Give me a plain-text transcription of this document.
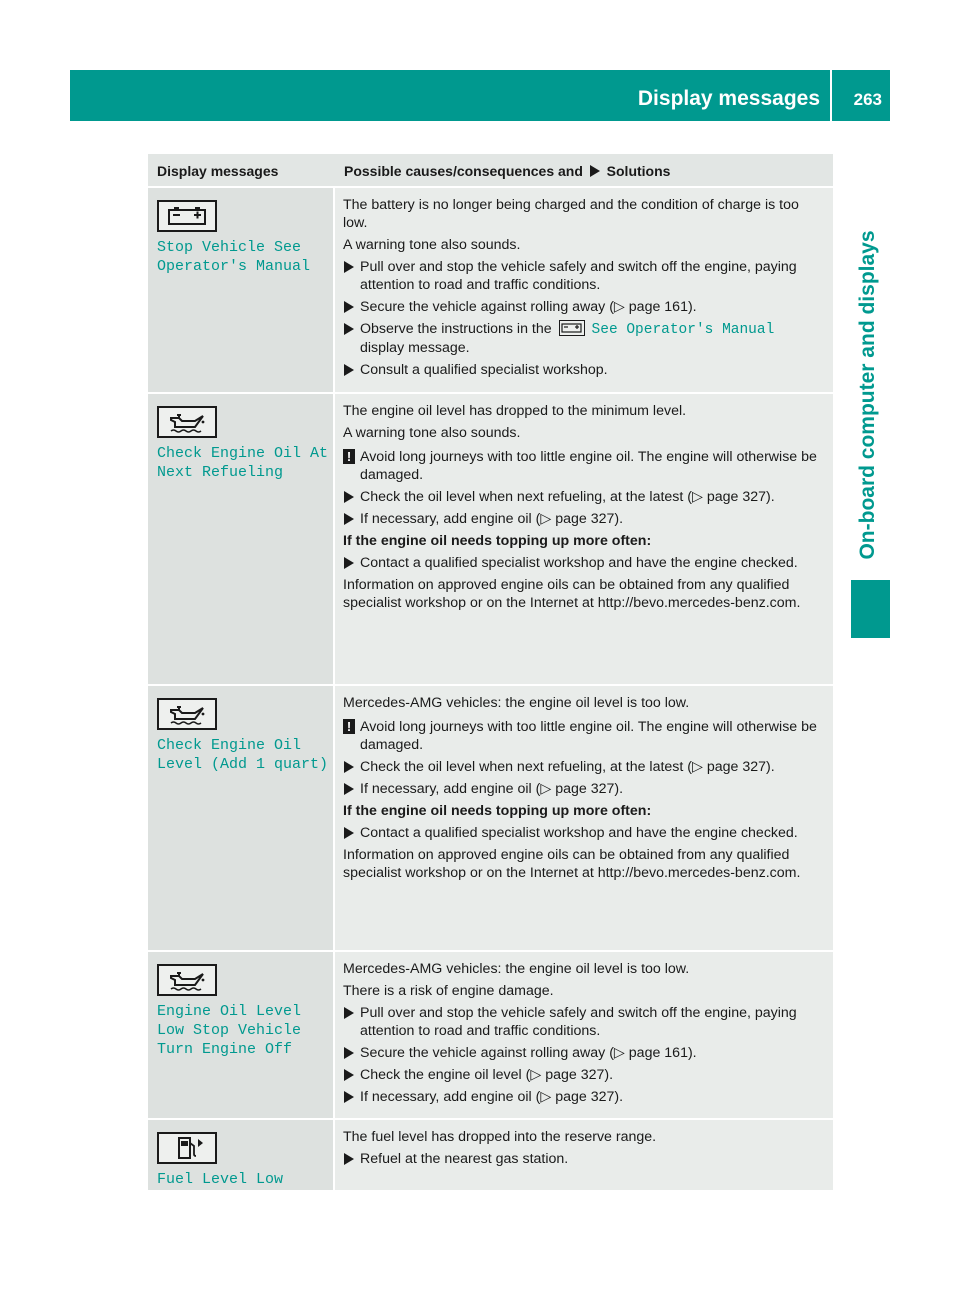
Display messages 263
On-board computer and displays
Display messages	Possible causes/consequences and Solutions
Stop Vehicle See
Operator's Manual
The battery is no longer being charged and the condition of charge is too low.
A warning tone also sounds.
Pull over and stop the vehicle safely and switch off the engine, paying attention to road and traffic conditions.
Secure the vehicle against rolling away (▷ page 161).
Observe the instructions in the	See Operator's Manual
display message.
Consult a qualified specialist workshop.
Check Engine Oil At
Next Refueling
The engine oil level has dropped to the minimum level.
A warning tone also sounds.
! Avoid long journeys with too little engine oil. The engine will otherwise be damaged.
Check the oil level when next refueling, at the latest (▷ page 327).
If necessary, add engine oil (▷ page 327).
If the engine oil needs topping up more often:
Contact a qualified specialist workshop and have the engine checked.
Information on approved engine oils can be obtained from any qualified specialist workshop or on the Internet at http://bevo.mercedes-benz.com.
Check Engine Oil
Level (Add 1 quart)
Mercedes-AMG vehicles: the engine oil level is too low.
! Avoid long journeys with too little engine oil. The engine will otherwise be damaged.
Check the oil level when next refueling, at the latest (▷ page 327).
If necessary, add engine oil (▷ page 327).
If the engine oil needs topping up more often:
Contact a qualified specialist workshop and have the engine checked.
Information on approved engine oils can be obtained from any qualified specialist workshop or on the Internet at http://bevo.mercedes-benz.com.
Engine Oil Level
Low Stop Vehicle
Turn Engine Off
Mercedes-AMG vehicles: the engine oil level is too low.
There is a risk of engine damage.
Pull over and stop the vehicle safely and switch off the engine, paying attention to road and traffic conditions.
Secure the vehicle against rolling away (▷ page 161).
Check the engine oil level (▷ page 327).
If necessary, add engine oil (▷ page 327).
Fuel Level Low
The fuel level has dropped into the reserve range.
Refuel at the nearest gas station.
